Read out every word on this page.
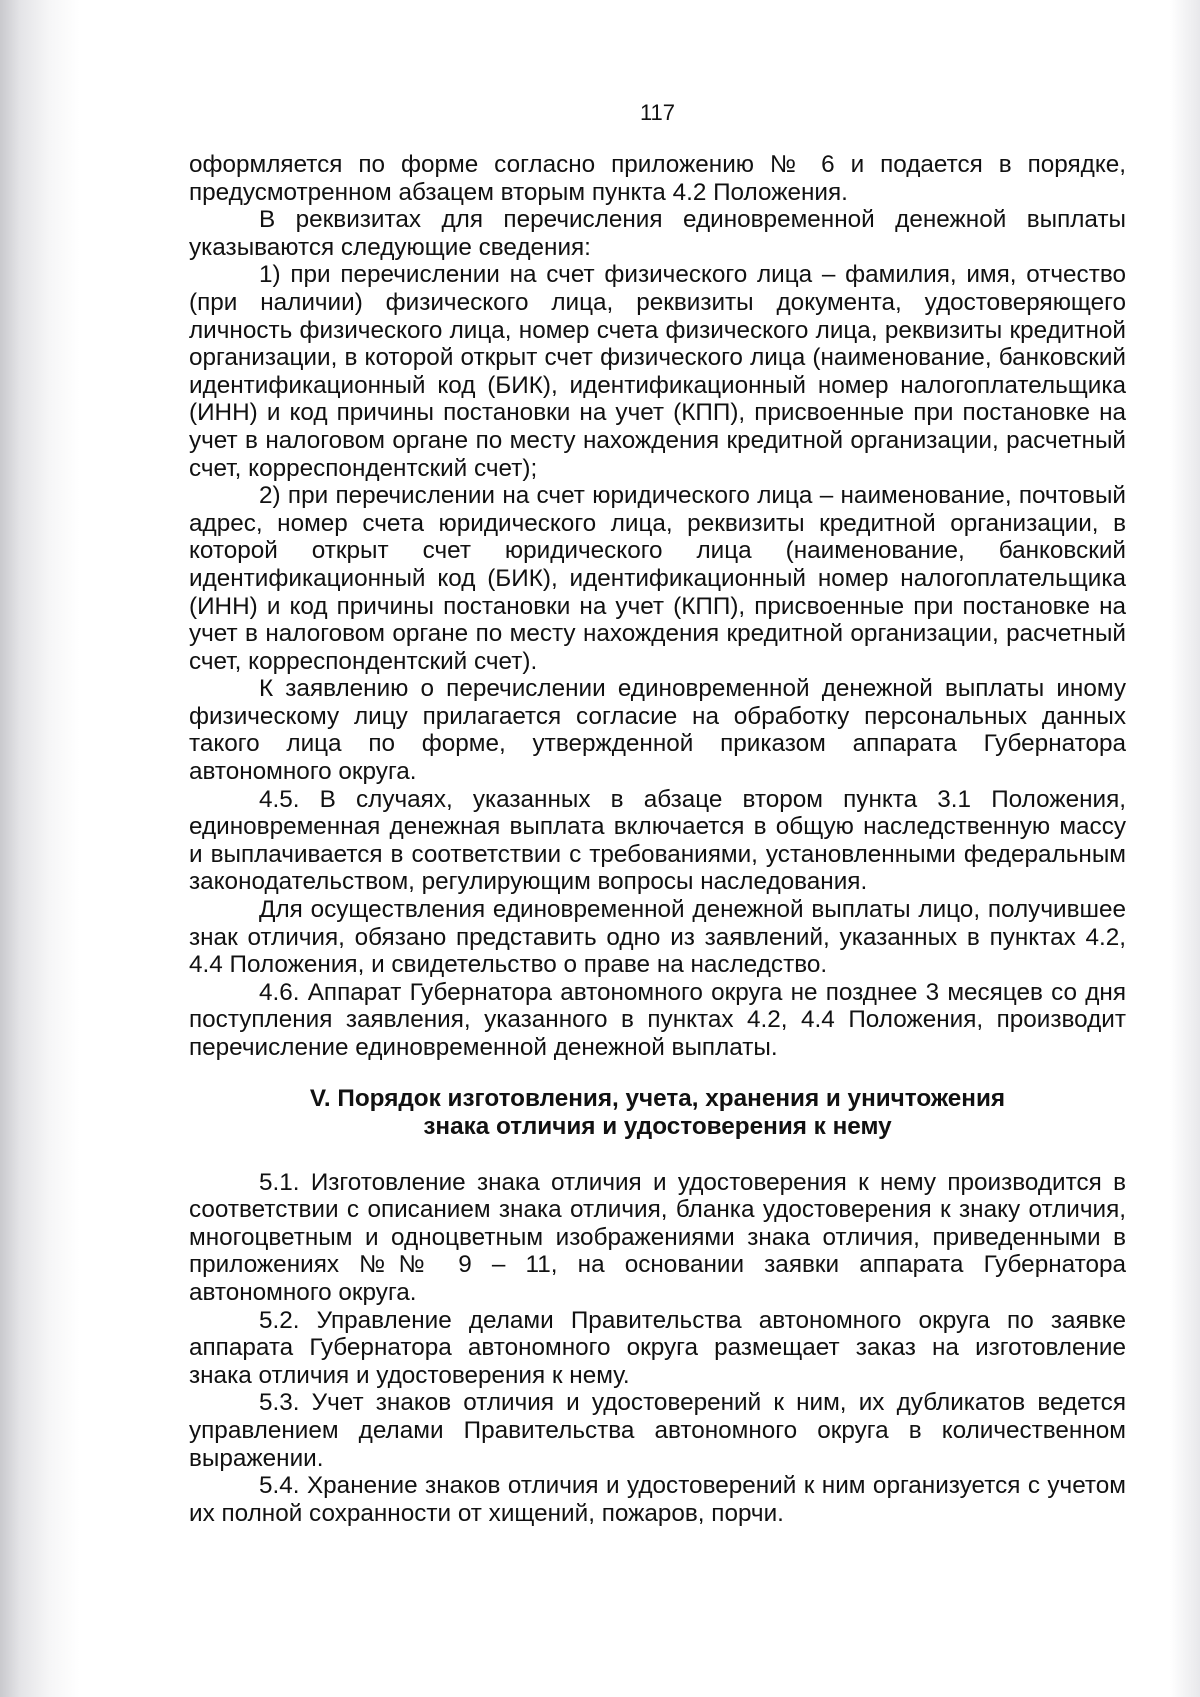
117

оформляется по форме согласно приложению № 6 и подается в порядке, предусмотренном абзацем вторым пункта 4.2 Положения.

В реквизитах для перечисления единовременной денежной выплаты указываются следующие сведения:

1) при перечислении на счет физического лица – фамилия, имя, отчество (при наличии) физического лица, реквизиты документа, удостоверяющего личность физического лица, номер счета физического лица, реквизиты кредитной организации, в которой открыт счет физического лица (наименование, банковский идентификационный код (БИК), идентификационный номер налогоплательщика (ИНН) и код причины постановки на учет (КПП), присвоенные при постановке на учет в налоговом органе по месту нахождения кредитной организации, расчетный счет, корреспондентский счет);

2) при перечислении на счет юридического лица – наименование, почтовый адрес, номер счета юридического лица, реквизиты кредитной организации, в которой открыт счет юридического лица (наименование, банковский идентификационный код (БИК), идентификационный номер налогоплательщика (ИНН) и код причины постановки на учет (КПП), присвоенные при постановке на учет в налоговом органе по месту нахождения кредитной организации, расчетный счет, корреспондентский счет).

К заявлению о перечислении единовременной денежной выплаты иному физическому лицу прилагается согласие на обработку персональных данных такого лица по форме, утвержденной приказом аппарата Губернатора автономного округа.

4.5. В случаях, указанных в абзаце втором пункта 3.1 Положения, единовременная денежная выплата включается в общую наследственную массу и выплачивается в соответствии с требованиями, установленными федеральным законодательством, регулирующим вопросы наследования.

Для осуществления единовременной денежной выплаты лицо, получившее знак отличия, обязано представить одно из заявлений, указанных в пунктах 4.2, 4.4 Положения, и свидетельство о праве на наследство.

4.6. Аппарат Губернатора автономного округа не позднее 3 месяцев со дня поступления заявления, указанного в пунктах 4.2, 4.4 Положения, производит перечисление единовременной денежной выплаты.

V. Порядок изготовления, учета, хранения и уничтожения
знака отличия и удостоверения к нему

5.1. Изготовление знака отличия и удостоверения к нему производится в соответствии с описанием знака отличия, бланка удостоверения к знаку отличия, многоцветным и одноцветным изображениями знака отличия, приведенными в приложениях №№ 9 – 11, на основании заявки аппарата Губернатора автономного округа.

5.2. Управление делами Правительства автономного округа по заявке аппарата Губернатора автономного округа размещает заказ на изготовление знака отличия и удостоверения к нему.

5.3. Учет знаков отличия и удостоверений к ним, их дубликатов ведется управлением делами Правительства автономного округа в количественном выражении.

5.4. Хранение знаков отличия и удостоверений к ним организуется с учетом их полной сохранности от хищений, пожаров, порчи.
